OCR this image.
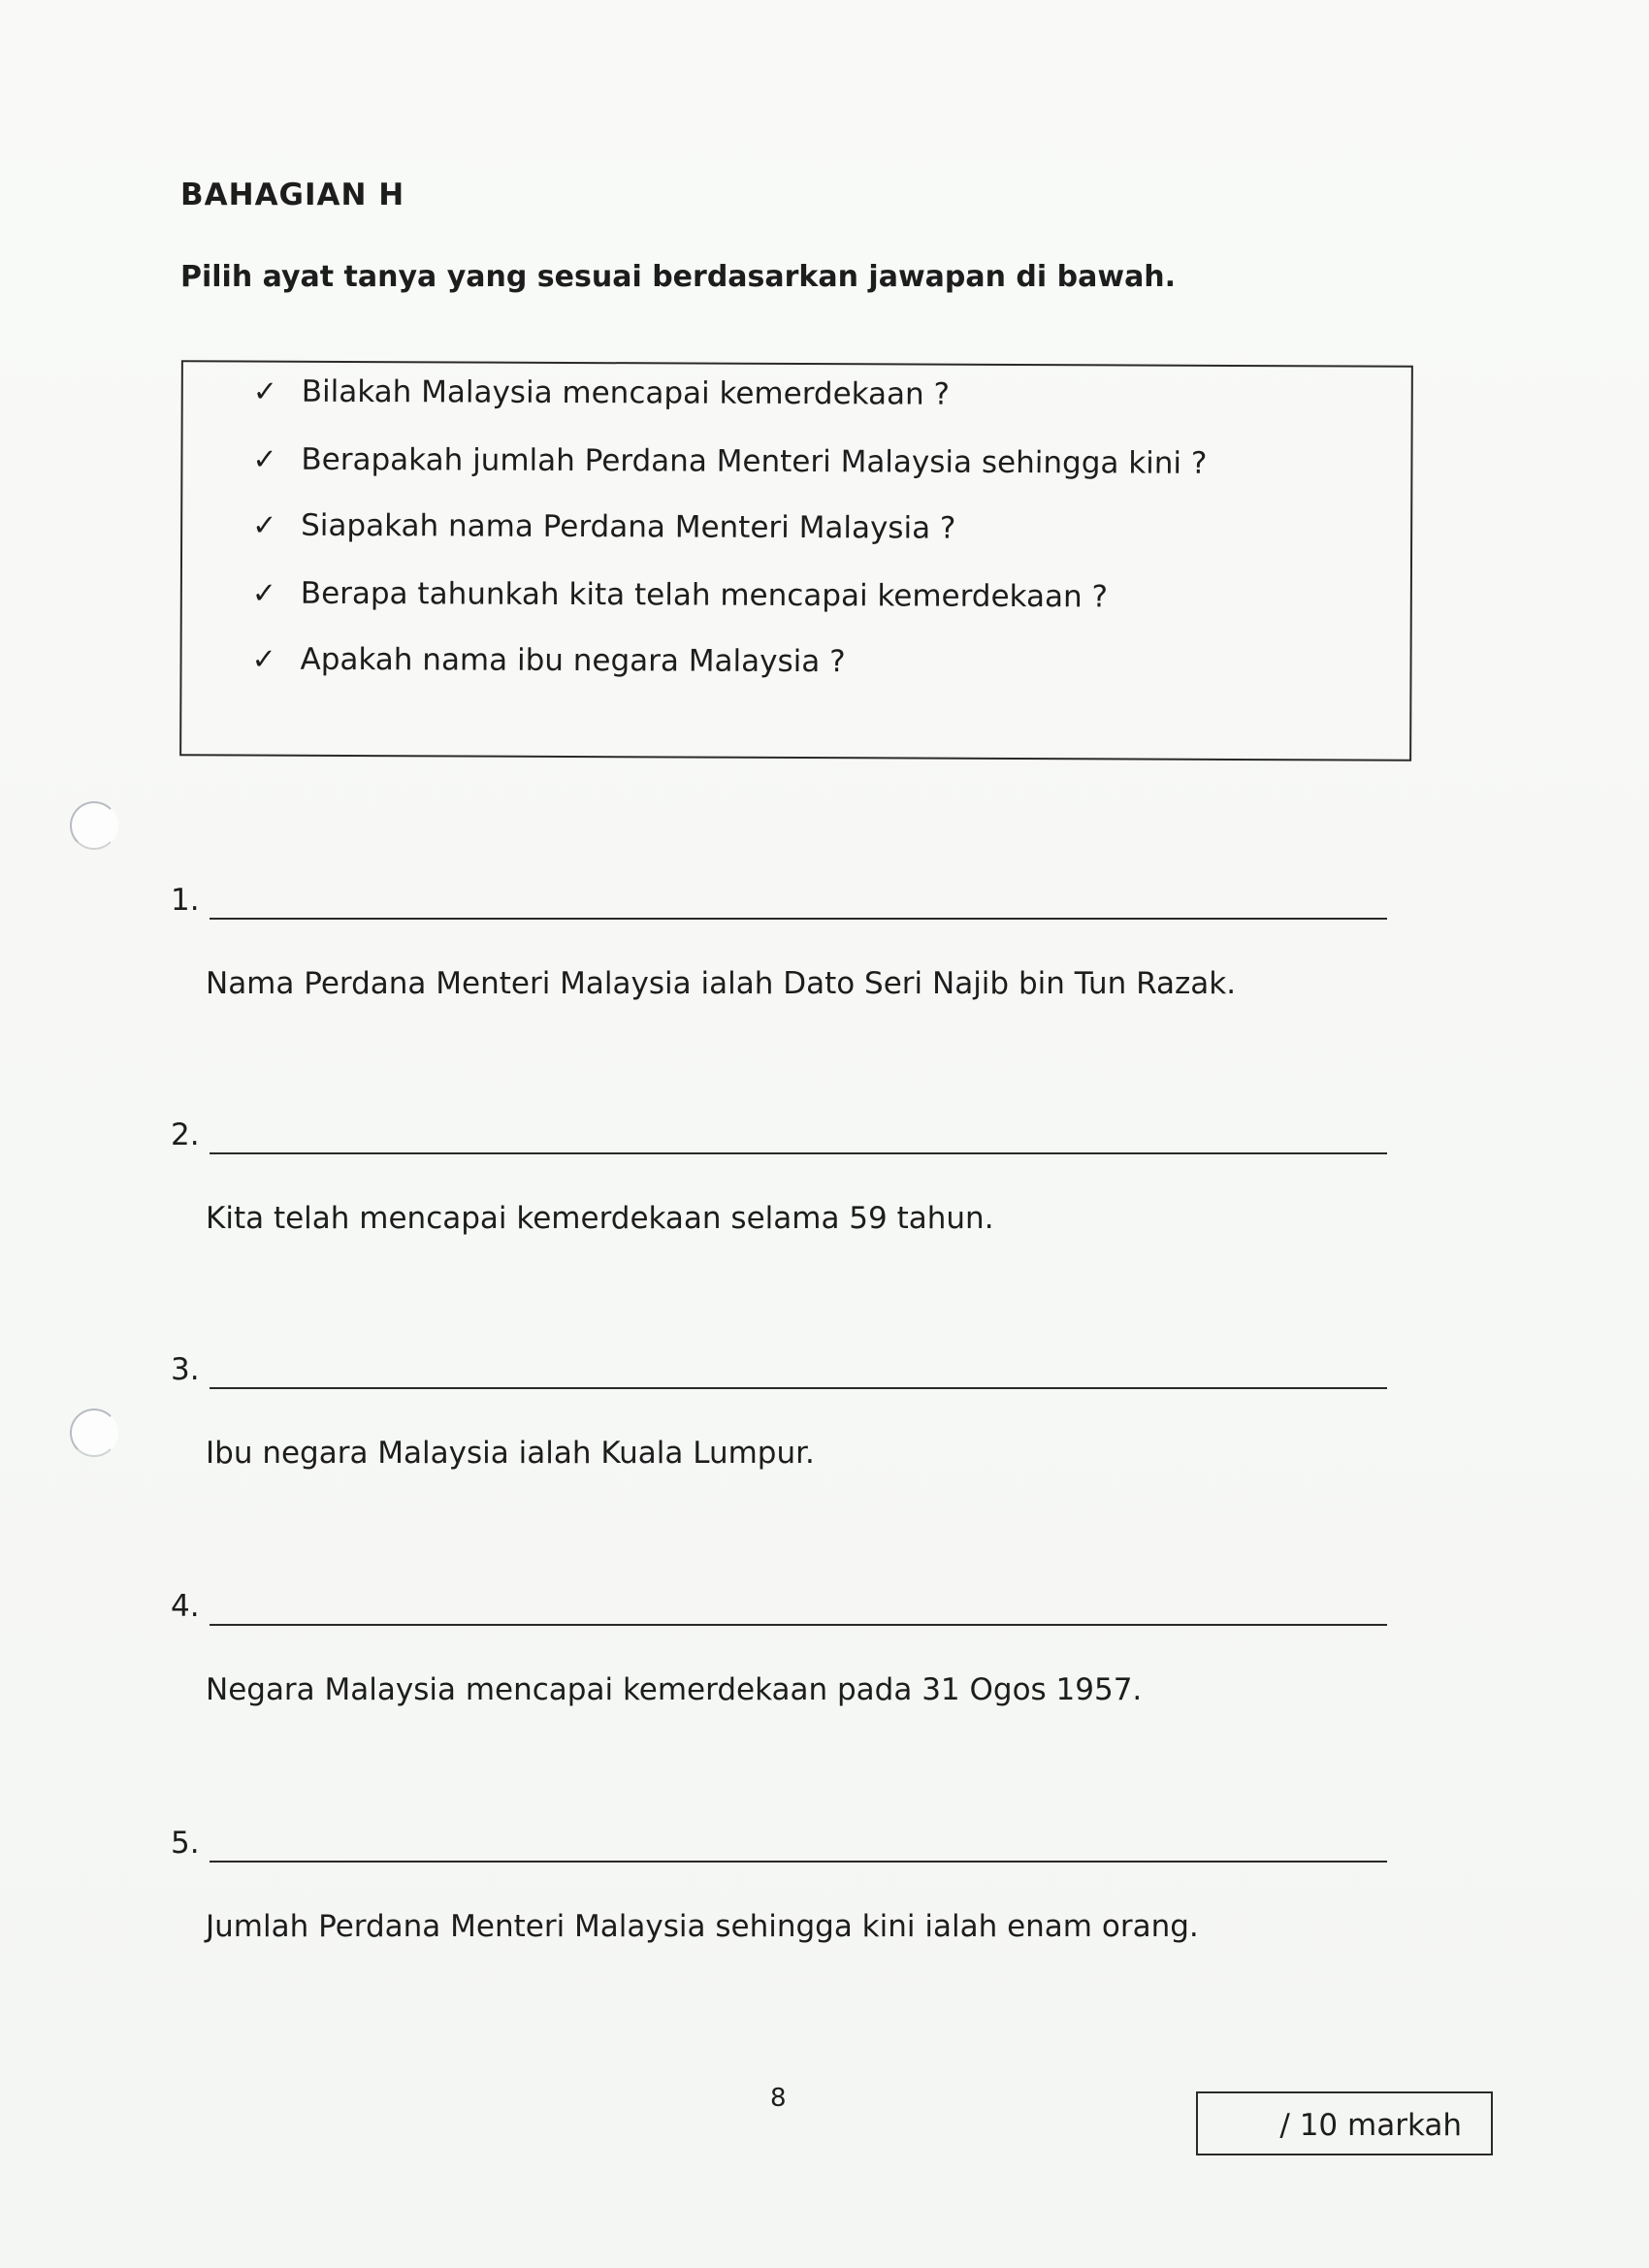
BAHAGIAN H
Pilih ayat tanya yang sesuai berdasarkan jawapan di bawah.
✓ Bilakah Malaysia mencapai kemerdekaan ?
✓ Berapakah jumlah Perdana Menteri Malaysia sehingga kini ?
✓ Siapakah nama Perdana Menteri Malaysia ?
✓ Berapa tahunkah kita telah mencapai kemerdekaan ?
✓ Apakah nama ibu negara Malaysia ?
1.
Nama Perdana Menteri Malaysia ialah Dato Seri Najib bin Tun Razak.
2.
Kita telah mencapai kemerdekaan selama 59 tahun.
3.
Ibu negara Malaysia ialah Kuala Lumpur.
4.
Negara Malaysia mencapai kemerdekaan pada 31 Ogos 1957.
5.
Jumlah Perdana Menteri Malaysia sehingga kini ialah enam orang.
8
/ 10 markah
